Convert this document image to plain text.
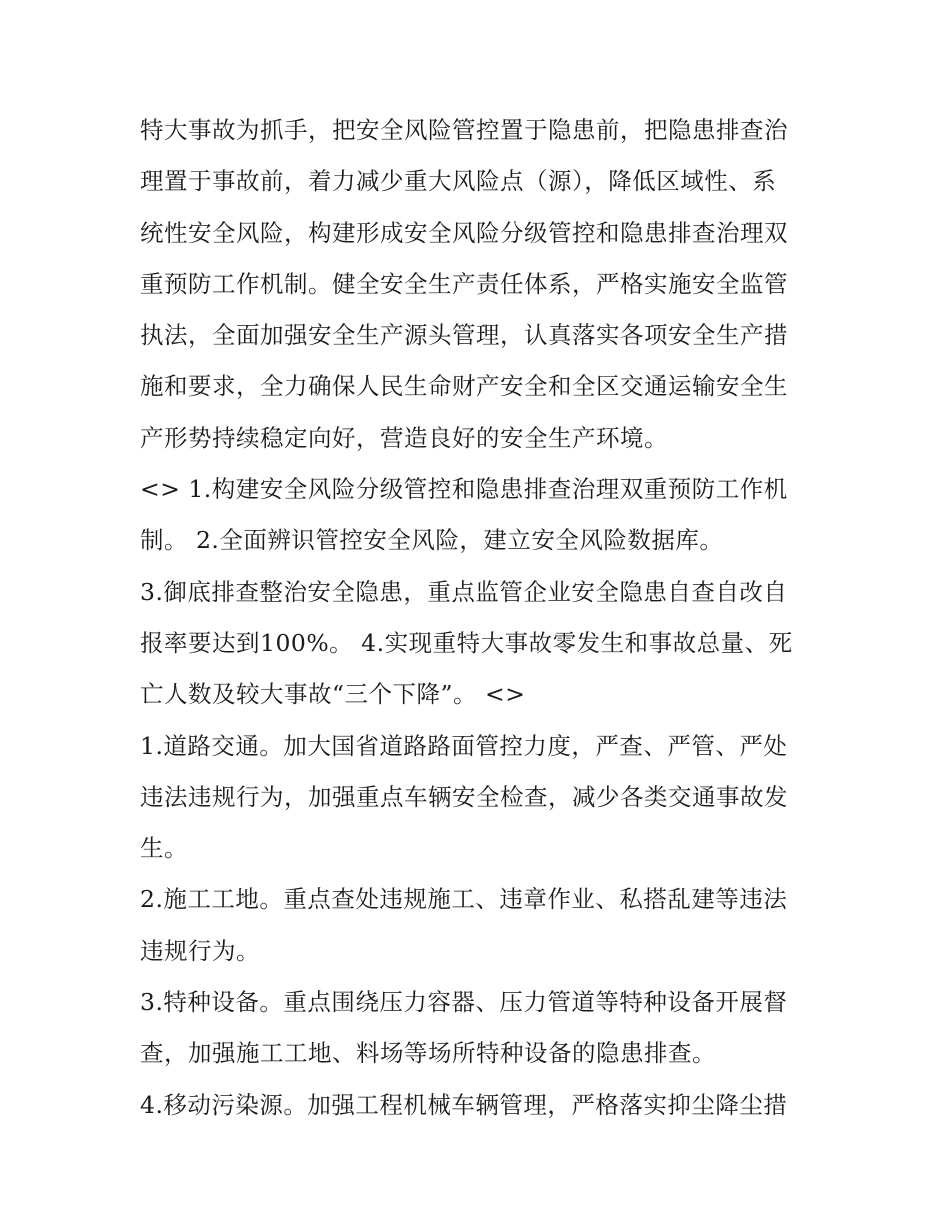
特大事故为抓手，把安全风险管控置于隐患前，把隐患排查治
理置于事故前，着力减少重大风险点（源），降低区域性、系
统性安全风险，构建形成安全风险分级管控和隐患排查治理双
重预防工作机制。健全安全生产责任体系，严格实施安全监管
执法，全面加强安全生产源头管理，认真落实各项安全生产措
施和要求，全力确保人民生命财产安全和全区交通运输安全生
产形势持续稳定向好，营造良好的安全生产环境。
<> 1.构建安全风险分级管控和隐患排查治理双重预防工作机
制。 2.全面辨识管控安全风险，建立安全风险数据库。
3.御底排查整治安全隐患，重点监管企业安全隐患自查自改自
报率要达到100%。 4.实现重特大事故零发生和事故总量、死
亡人数及较大事故“三个下降”。 <>
1.道路交通。加大国省道路路面管控力度，严查、严管、严处
违法违规行为，加强重点车辆安全检查，减少各类交通事故发
生。
2.施工工地。重点查处违规施工、违章作业、私搭乱建等违法
违规行为。
3.特种设备。重点围绕压力容器、压力管道等特种设备开展督
查，加强施工工地、料场等场所特种设备的隐患排查。
4.移动污染源。加强工程机械车辆管理，严格落实抑尘降尘措
